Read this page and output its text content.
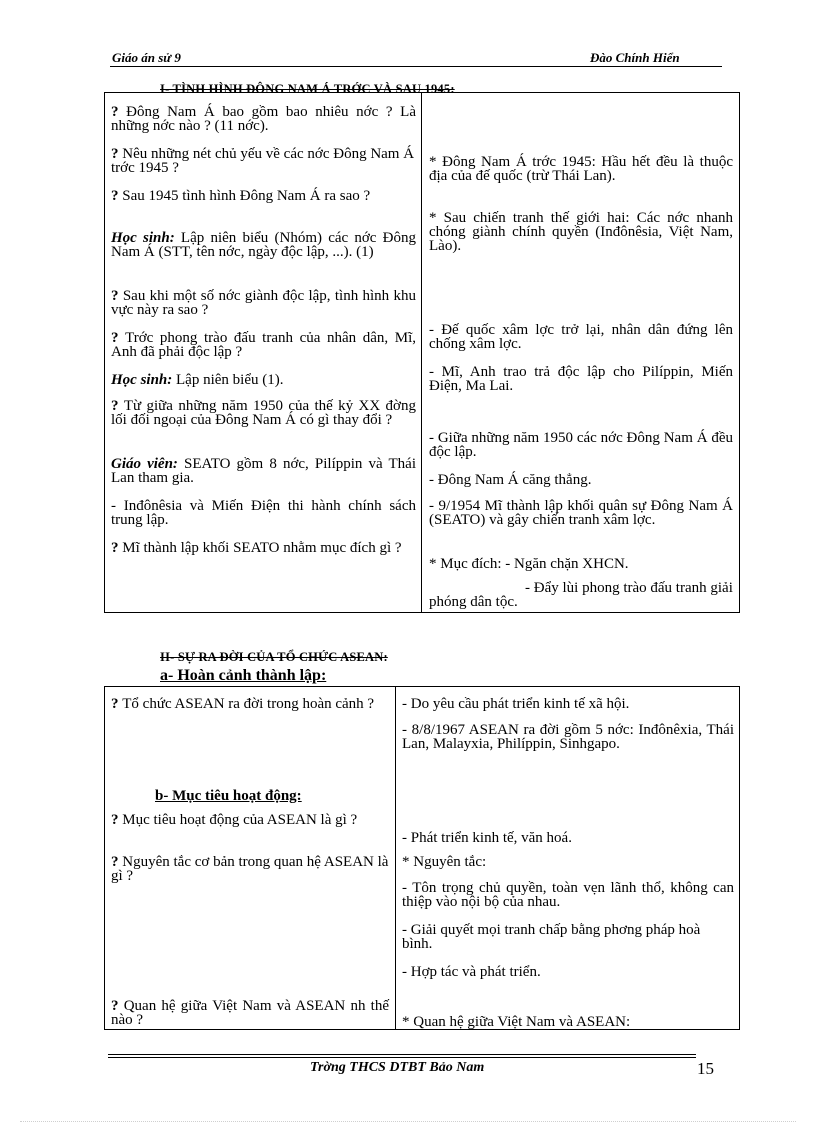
Giáo án sử 9	Đào Chính Hiển
I- TÌNH HÌNH ĐÔNG NAM Á TRỚC VÀ SAU 1945:
? Đông Nam Á bao gồm bao nhiêu nớc ? Là những nớc nào ? (11 nớc).
? Nêu những nét chủ yếu về các nớc Đông Nam Á trớc 1945 ?
? Sau 1945 tình hình Đông Nam Á ra sao ?
Học sinh: Lập niên biểu (Nhóm) các nớc Đông Nam Á (STT, tên nớc, ngày độc lập, ...). (1)
? Sau khi một số nớc giành độc lập, tình hình khu vực này ra sao ?
? Trớc phong trào đấu tranh của nhân dân, Mĩ, Anh đã phải độc lập ?
Học sinh: Lập niên biểu (1).
? Từ giữa những năm 1950 của thế kỷ XX đờng lối đối ngoại của Đông Nam Á có gì thay đổi ?
Giáo viên: SEATO gồm 8 nớc, Pilíppin và Thái Lan tham gia.
- Inđônêsia và Miến Điện thi hành chính sách trung lập.
? Mĩ thành lập khối SEATO nhằm mục đích gì ?
* Đông Nam Á trớc 1945: Hầu hết đều là thuộc địa của đế quốc (trừ Thái Lan).
* Sau chiến tranh thế giới hai: Các nớc nhanh chóng giành chính quyền (Inđônêsia, Việt Nam, Lào).
- Đế quốc xâm lợc trở lại, nhân dân đứng lên chống xâm lợc.
- Mĩ, Anh trao trả độc lập cho Pilíppin, Miến Điện, Ma Lai.
- Giữa những năm 1950 các nớc Đông Nam Á đều độc lập.
- Đông Nam Á căng thẳng.
- 9/1954 Mĩ thành lập khối quân sự Đông Nam Á (SEATO) và gây chiến tranh xâm lợc.
* Mục đích: - Ngăn chặn XHCN.
- Đẩy lùi phong trào đấu tranh giải phóng dân tộc.
II- SỰ RA ĐỜI CỦA TỔ CHỨC ASEAN:
a- Hoàn cảnh thành lập:
? Tổ chức ASEAN ra đời trong hoàn cảnh ?
b- Mục tiêu hoạt động:
? Mục tiêu hoạt động của ASEAN là gì ?
? Nguyên tắc cơ bản trong quan hệ ASEAN là gì ?
? Quan hệ giữa Việt Nam và ASEAN nh thế nào ?
- Do yêu cầu phát triển kinh tế xã hội.
- 8/8/1967 ASEAN ra đời gồm 5 nớc: Inđônêxia, Thái Lan, Malayxia, Philíppin, Sinhgapo.
- Phát triển kinh tế, văn hoá.
* Nguyên tắc:
- Tôn trọng chủ quyền, toàn vẹn lãnh thổ, không can thiệp vào nội bộ của nhau.
- Giải quyết mọi tranh chấp bằng phơng pháp hoà bình.
- Hợp tác và phát triển.
* Quan hệ giữa Việt Nam và ASEAN:
Trờng THCS DTBT Bảo Nam	15
